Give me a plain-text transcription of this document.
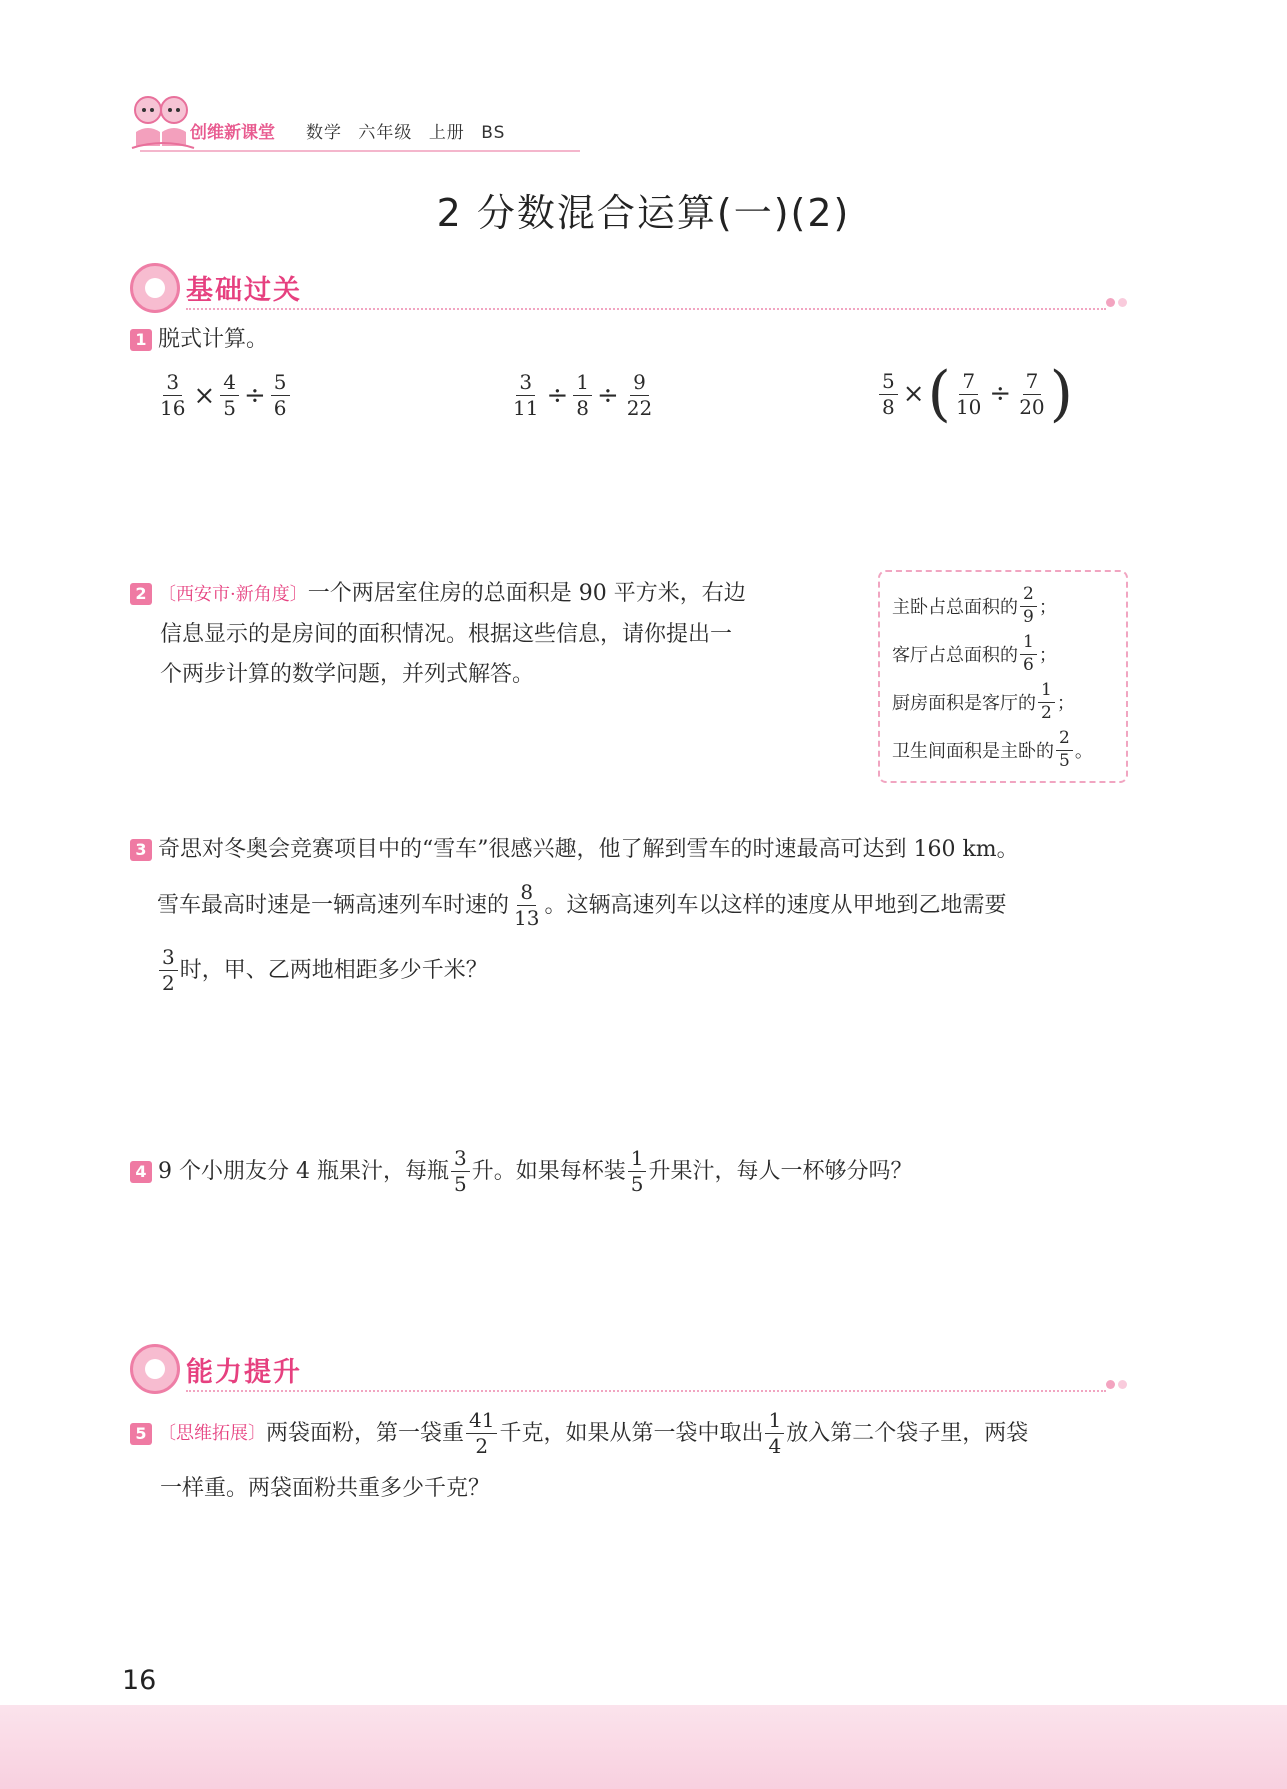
创维新课堂 数学 六年级 上册 BS
2 分数混合运算(一)(2)
基础过关
1 脱式计算。
$\frac{3}{16} \times \frac{4}{5} \div \frac{5}{6}$	$\frac{3}{11} \div \frac{1}{8} \div \frac{9}{22}$	$\frac{5}{8}$ × ( $\frac{7}{10} \div \frac{7}{20}$ )
2 〔西安市·新角度〕一个两居室住房的总面积是 90 平方米，右边
信息显示的是房间的面积情况。根据这些信息，请你提出一
个两步计算的数学问题，并列式解答。
主卧占总面积的 $\frac{2}{9}$ ；
客厅占总面积的 $\frac{1}{6}$ ；
厨房面积是客厅的 $\frac{1}{2}$ ；
卫生间面积是主卧的 $\frac{2}{5}$ 。
3 奇思对冬奥会竞赛项目中的“雪车”很感兴趣，他了解到雪车的时速最高可达到 160 km。
雪车最高时速是一辆高速列车时速的 $\frac{8}{13}$ 。这辆高速列车以这样的速度从甲地到乙地需要
$\frac{3}{2}$ 时，甲、乙两地相距多少千米？
4 9 个小朋友分 4 瓶果汁，每瓶 $\frac{3}{5}$ 升。如果每杯装 $\frac{1}{5}$ 升果汁，每人一杯够分吗？
能力提升
5 〔思维拓展〕 两袋面粉，第一袋重 $\frac{41}{2}$ 千克，如果从第一袋中取出 $\frac{1}{4}$ 放入第二个袋子里，两袋
一样重。两袋面粉共重多少千克？
16
